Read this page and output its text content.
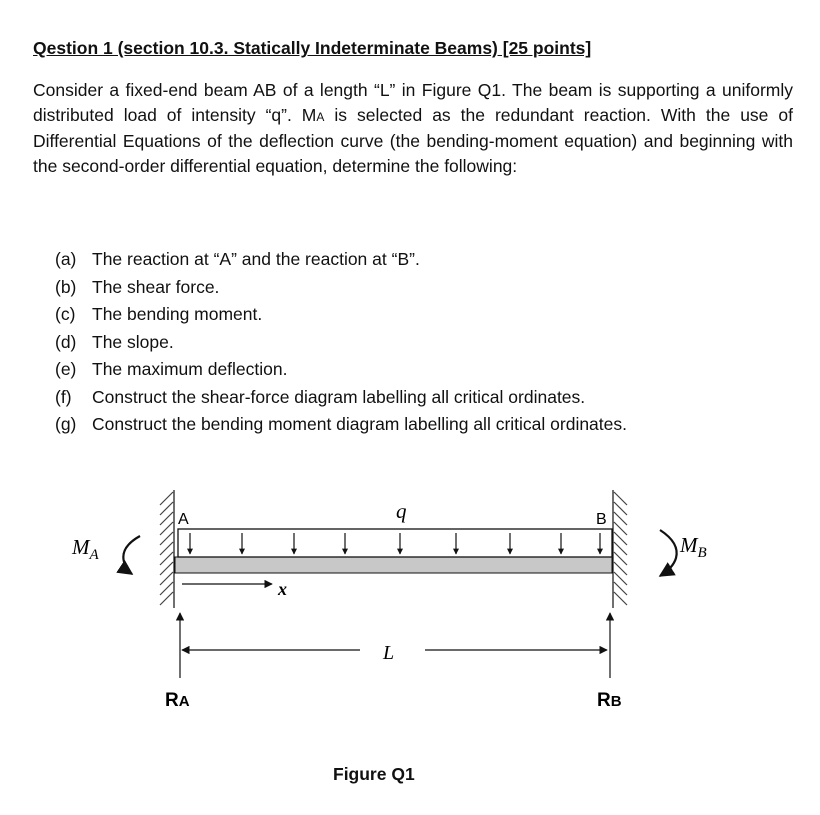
Qestion 1 (section 10.3. Statically Indeterminate Beams) [25 points]
Consider a fixed-end beam AB of a length “L” in Figure Q1. The beam is supporting a uniformly distributed load of intensity “q”. MA is selected as the redundant reaction. With the use of Differential Equations of the deflection curve (the bending-moment equation) and beginning with the second-order differential equation, determine the following:
(a) The reaction at “A” and the reaction at “B”.
(b) The shear force.
(c) The bending moment.
(d) The slope.
(e) The maximum deflection.
(f) Construct the shear-force diagram labelling all critical ordinates.
(g) Construct the bending moment diagram labelling all critical ordinates.
A	B
q
x
L
RA	RB
$M_A$	$M_B$
Figure Q1
